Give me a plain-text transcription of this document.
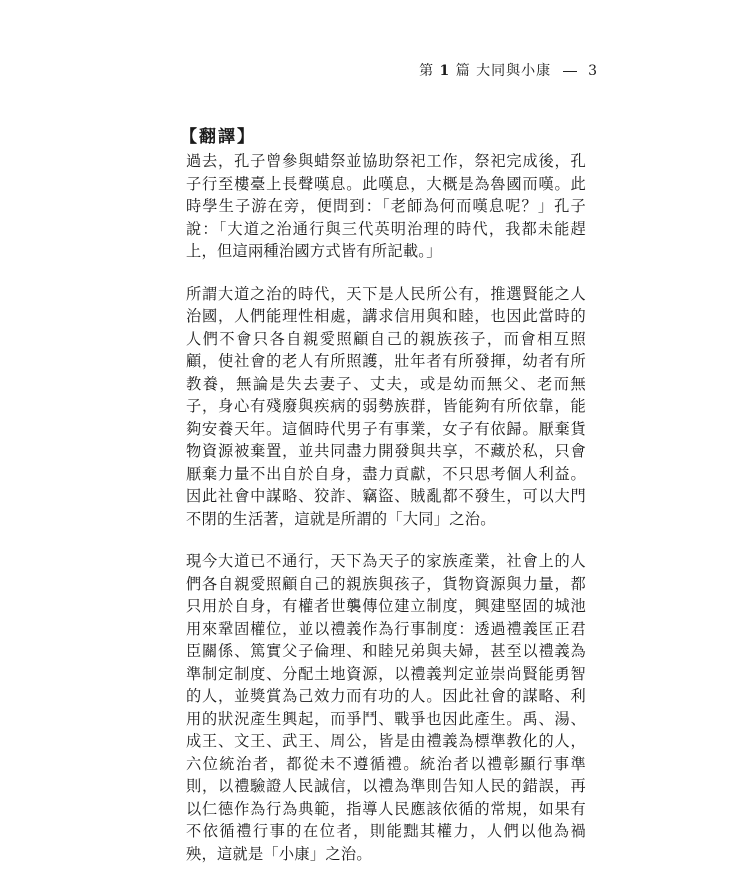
第 1 篇 大同與小康	3
【翻譯】

過去，孔子曾參與蜡祭並協助祭祀工作，祭祀完成後，孔子行至樓臺上長聲嘆息。此嘆息，大概是為魯國而嘆。此時學生子游在旁，便問到：「老師為何而嘆息呢？」孔子說：「大道之治通行與三代英明治理的時代，我都未能趕上，但這兩種治國方式皆有所記載。」

所謂大道之治的時代，天下是人民所公有，推選賢能之人治國，人們能理性相處，講求信用與和睦，也因此當時的人們不會只各自親愛照顧自己的親族孩子，而會相互照顧，使社會的老人有所照護，壯年者有所發揮，幼者有所教養，無論是失去妻子、丈夫，或是幼而無父、老而無子，身心有殘廢與疾病的弱勢族群，皆能夠有所依靠，能夠安養天年。這個時代男子有事業，女子有依歸。厭棄貨物資源被棄置，並共同盡力開發與共享，不藏於私，只會厭棄力量不出自於自身，盡力貢獻，不只思考個人利益。因此社會中謀略、狡詐、竊盜、賊亂都不發生，可以大門不閉的生活著，這就是所謂的「大同」之治。

現今大道已不通行，天下為天子的家族產業，社會上的人們各自親愛照顧自己的親族與孩子，貨物資源與力量，都只用於自身，有權者世襲傳位建立制度，興建堅固的城池用來鞏固權位，並以禮義作為行事制度：透過禮義匡正君臣關係、篤實父子倫理、和睦兄弟與夫婦，甚至以禮義為準制定制度、分配土地資源，以禮義判定並崇尚賢能勇智的人，並獎賞為己效力而有功的人。因此社會的謀略、利用的狀況產生興起，而爭鬥、戰爭也因此產生。禹、湯、成王、文王、武王、周公，皆是由禮義為標準教化的人，六位統治者，都從未不遵循禮。統治者以禮彰顯行事準則，以禮驗證人民誠信，以禮為準則告知人民的錯誤，再以仁德作為行為典範，指導人民應該依循的常規，如果有不依循禮行事的在位者，則能黜其權力，人們以他為禍殃，這就是「小康」之治。
